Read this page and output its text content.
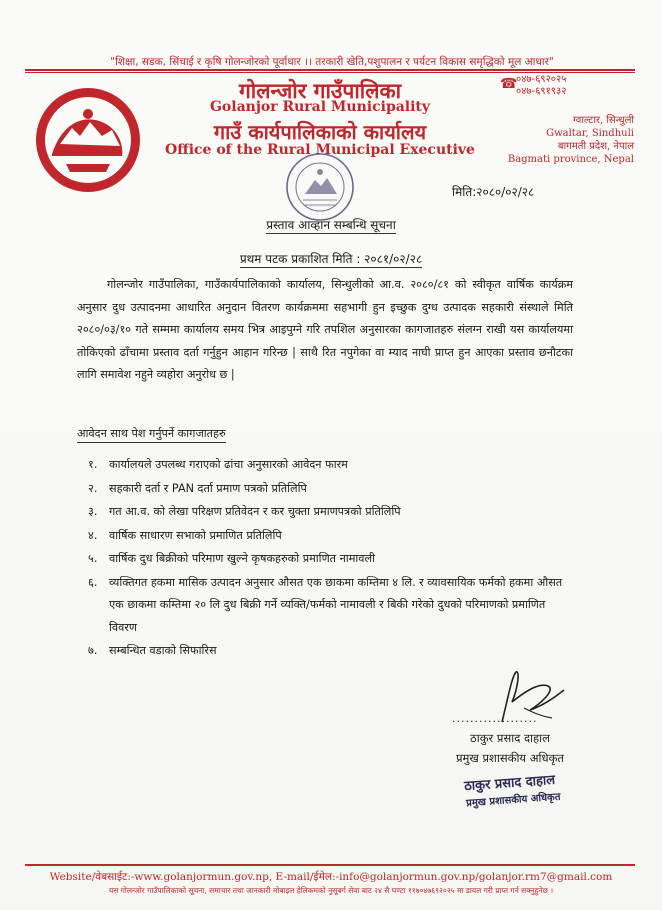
"शिक्षा, सडक, सिंचाई र कृषि गोलन्जोरको पूर्वाधार ।। तरकारी खेति,पशुपालन र पर्यटन विकास समृद्धिको मूल आधार"
गोलन्जोर गाउँपालिका
Golanjor Rural Municipality
गाउँ कार्यपालिकाको कार्यालय
Office of the Rural Municipal Executive
☎
०४७-६९२०२५
०४७-६९१९३२
ग्वाल्टार, सिन्धुली
Gwaltar, Sindhuli
बागमती प्रदेश, नेपाल
Bagmati province, Nepal
मिति:२०८०/०२/२८
प्रस्ताव आव्हान सम्बन्धि सूचना
प्रथम पटक प्रकाशित मिति : २०८१/०२/२८
गोलन्जोर गाउँपालिका, गाउँकार्यपालिकाको कार्यालय, सिन्धुलीको आ.व. २०८०/८१ को स्वीकृत वार्षिक कार्यक्रम अनुसार दुध उत्पादनमा आधारित अनुदान वितरण कार्यक्रममा सहभागी हुन इच्छुक दुग्ध उत्पादक सहकारी संस्थाले मिति २०८०/०३/१० गते सम्ममा कार्यालय समय भित्र आइपुग्ने गरि तपशिल अनुसारका कागजातहरु संलग्न राखी यस कार्यालयमा तोकिएको ढाँचामा प्रस्ताव दर्ता गर्नुहुन आहान गरिन्छ | साथै रित नपुगेका वा म्याद नाघी प्राप्त हुन आएका प्रस्ताव छनौटका लागि समावेश नहुने व्यहोरा अनुरोध छ |
आवेदन साथ पेश गर्नुपर्ने कागजातहरु
१. कार्यालयले उपलब्ध गराएको ढांचा अनुसारको आवेदन फारम
२. सहकारी दर्ता र PAN दर्ता प्रमाण पत्रको प्रतिलिपि
३. गत आ.व. को लेखा परिक्षण प्रतिवेदन र कर चुक्ता प्रमाणपत्रको प्रतिलिपि
४. वार्षिक साधारण सभाको प्रमाणित प्रतिलिपि
५. वार्षिक दुध बिक्रीको परिमाण खुल्ने कृषकहरुको प्रमाणित नामावली
६. व्यक्तिगत हकमा मासिक उत्पादन अनुसार औसत एक छाकमा कम्तिमा ४ लि. र व्यावसायिक फर्मको हकमा औसत एक छाकमा कम्तिमा २० लि दुध बिक्री गर्ने व्यक्ति/फर्मको नामावली र बिकी गरेको दुधको परिमाणको प्रमाणित विवरण
७. सम्बन्धित वडाको सिफारिस
...................
ठाकुर प्रसाद दाहाल
प्रमुख प्रशासकीय अधिकृत
ठाकुर प्रसाद दाहाल
प्रमुख प्रशासकीय अधिकृत
Website/वेबसाईट:-www.golanjormun.gov.np, E-mail/ईमेल:-info@golanjormun.gov.np/golanjor.rm7@gmail.com
यस गोलन्जोर गाउँपालिकाको सूचना, समाचार तथा जानकारी मोबाइल हेलिकमको नुसूबर्ग सेवा बाट २४ सै घण्टा ११७०४७६९२०२५ मा डायल गरी प्राप्त गर्न सक्नुहुनेछ ।
